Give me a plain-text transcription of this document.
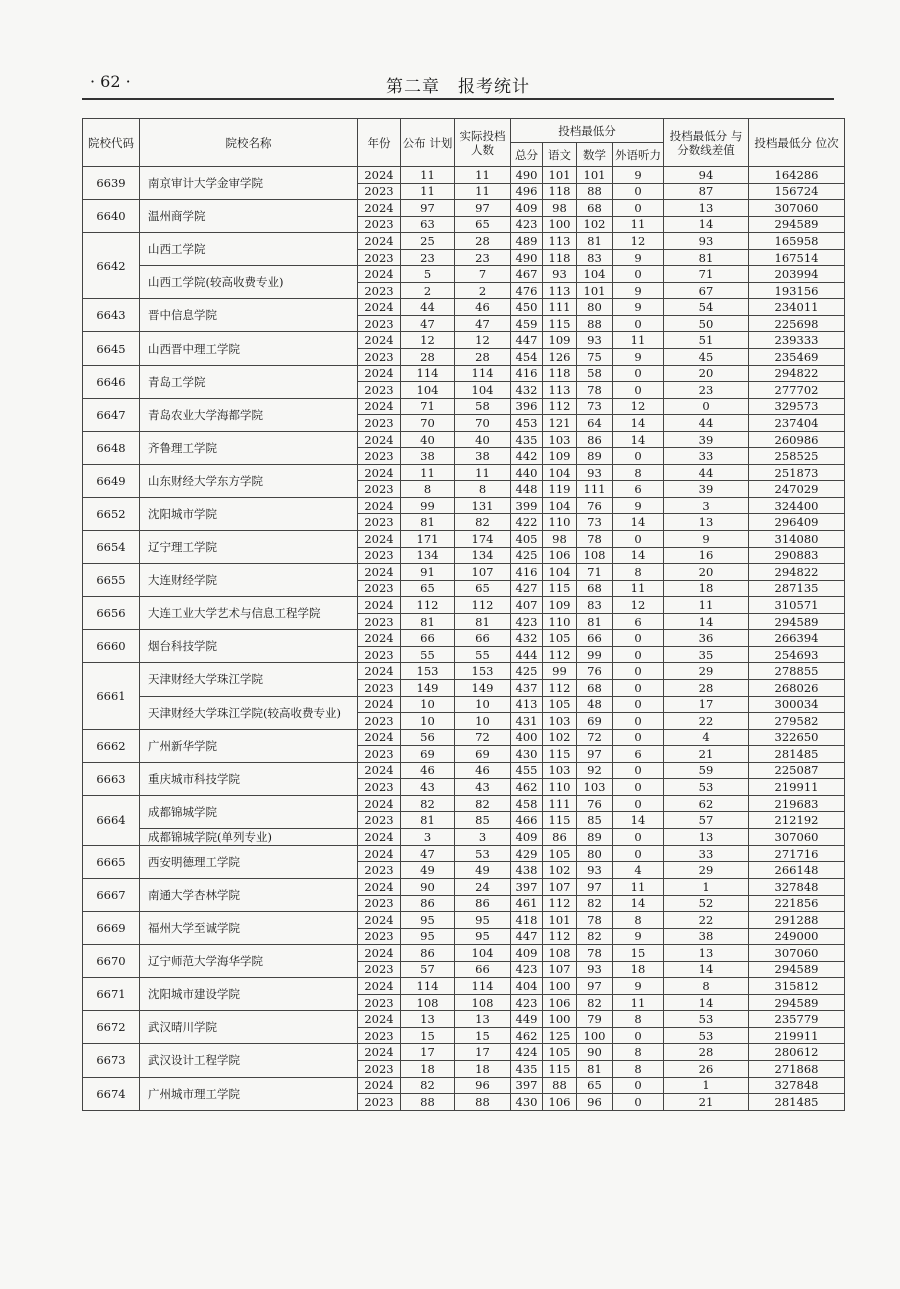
· 62 ·	第二章　报考统计
院校代码	院校名称	年份	公布 计划	实际投档 人数	投档最低分				投档最低分 与分数线差值	投档最低分 位次
					总分	语文	数学	外语听力		
6639	南京审计大学金审学院	2024	11	11	490	101	101	9	94	164286
		2023	11	11	496	118	88	0	87	156724
6640	温州商学院	2024	97	97	409	98	68	0	13	307060
		2023	63	65	423	100	102	11	14	294589
6642	山西工学院	2024	25	28	489	113	81	12	93	165958
		2023	23	23	490	118	83	9	81	167514
	山西工学院(较高收费专业)	2024	5	7	467	93	104	0	71	203994
		2023	2	2	476	113	101	9	67	193156
6643	晋中信息学院	2024	44	46	450	111	80	9	54	234011
		2023	47	47	459	115	88	0	50	225698
6645	山西晋中理工学院	2024	12	12	447	109	93	11	51	239333
		2023	28	28	454	126	75	9	45	235469
6646	青岛工学院	2024	114	114	416	118	58	0	20	294822
		2023	104	104	432	113	78	0	23	277702
6647	青岛农业大学海都学院	2024	71	58	396	112	73	12	0	329573
		2023	70	70	453	121	64	14	44	237404
6648	齐鲁理工学院	2024	40	40	435	103	86	14	39	260986
		2023	38	38	442	109	89	0	33	258525
6649	山东财经大学东方学院	2024	11	11	440	104	93	8	44	251873
		2023	8	8	448	119	111	6	39	247029
6652	沈阳城市学院	2024	99	131	399	104	76	9	3	324400
		2023	81	82	422	110	73	14	13	296409
6654	辽宁理工学院	2024	171	174	405	98	78	0	9	314080
		2023	134	134	425	106	108	14	16	290883
6655	大连财经学院	2024	91	107	416	104	71	8	20	294822
		2023	65	65	427	115	68	11	18	287135
6656	大连工业大学艺术与信息工程学院	2024	112	112	407	109	83	12	11	310571
		2023	81	81	423	110	81	6	14	294589
6660	烟台科技学院	2024	66	66	432	105	66	0	36	266394
		2023	55	55	444	112	99	0	35	254693
6661	天津财经大学珠江学院	2024	153	153	425	99	76	0	29	278855
		2023	149	149	437	112	68	0	28	268026
	天津财经大学珠江学院(较高收费专业)	2024	10	10	413	105	48	0	17	300034
		2023	10	10	431	103	69	0	22	279582
6662	广州新华学院	2024	56	72	400	102	72	0	4	322650
		2023	69	69	430	115	97	6	21	281485
6663	重庆城市科技学院	2024	46	46	455	103	92	0	59	225087
		2023	43	43	462	110	103	0	53	219911
6664	成都锦城学院	2024	82	82	458	111	76	0	62	219683
		2023	81	85	466	115	85	14	57	212192
	成都锦城学院(单列专业)	2024	3	3	409	86	89	0	13	307060
6665	西安明德理工学院	2024	47	53	429	105	80	0	33	271716
		2023	49	49	438	102	93	4	29	266148
6667	南通大学杏林学院	2024	90	24	397	107	97	11	1	327848
		2023	86	86	461	112	82	14	52	221856
6669	福州大学至诚学院	2024	95	95	418	101	78	8	22	291288
		2023	95	95	447	112	82	9	38	249000
6670	辽宁师范大学海华学院	2024	86	104	409	108	78	15	13	307060
		2023	57	66	423	107	93	18	14	294589
6671	沈阳城市建设学院	2024	114	114	404	100	97	9	8	315812
		2023	108	108	423	106	82	11	14	294589
6672	武汉晴川学院	2024	13	13	449	100	79	8	53	235779
		2023	15	15	462	125	100	0	53	219911
6673	武汉设计工程学院	2024	17	17	424	105	90	8	28	280612
		2023	18	18	435	115	81	8	26	271868
6674	广州城市理工学院	2024	82	96	397	88	65	0	1	327848
		2023	88	88	430	106	96	0	21	281485
